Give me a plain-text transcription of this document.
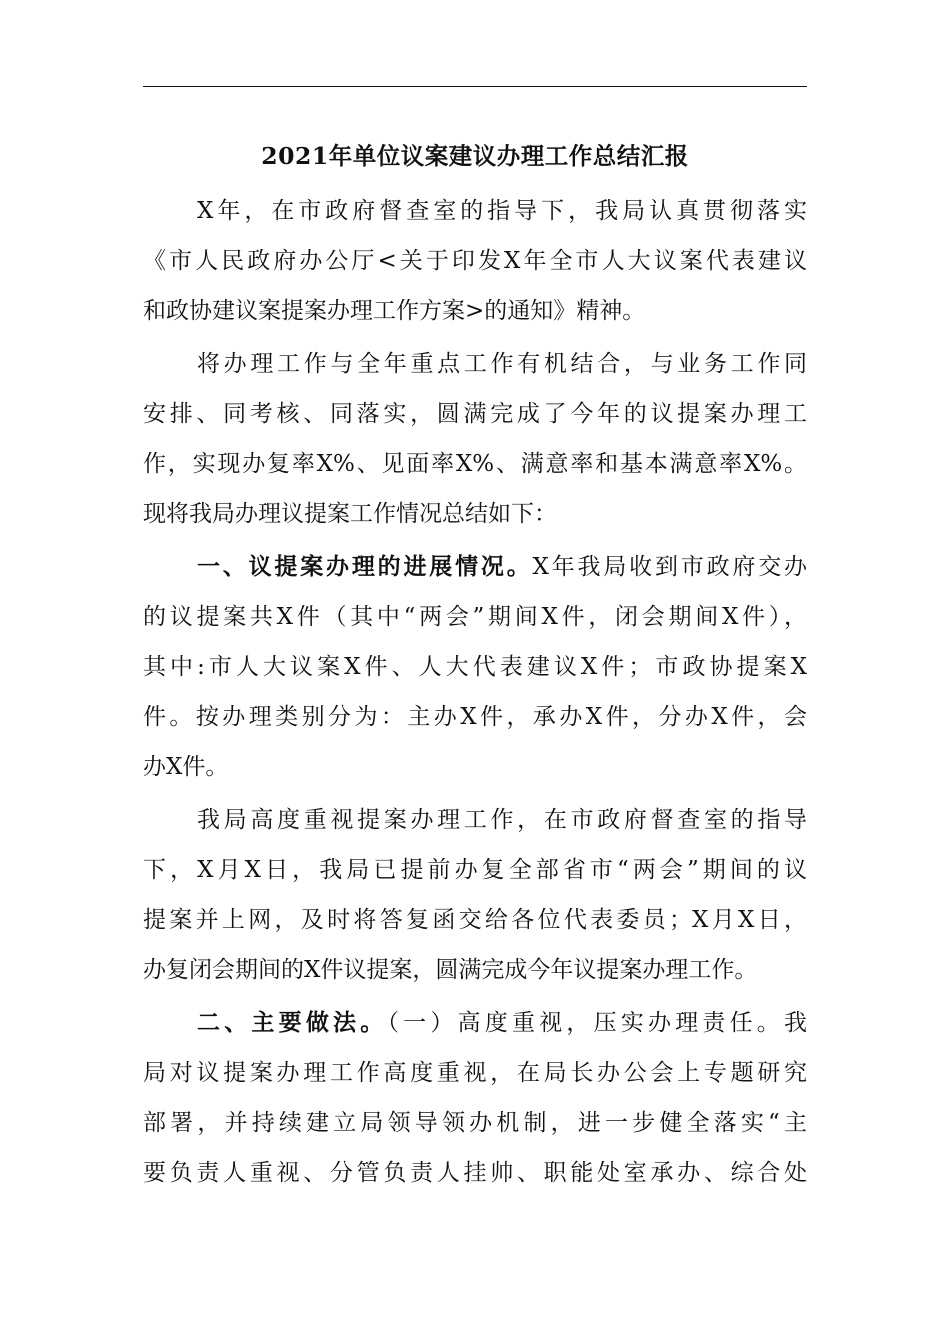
2021年单位议案建议办理工作总结汇报
X年，在市政府督查室的指导下，我局认真贯彻落实
《市人民政府办公厅<关于印发X年全市人大议案代表建议
和政协建议案提案办理工作方案>的通知》精神。
将办理工作与全年重点工作有机结合，与业务工作同
安排、同考核、同落实，圆满完成了今年的议提案办理工
作，实现办复率X%、见面率X%、满意率和基本满意率X%。
现将我局办理议提案工作情况总结如下：
一、议提案办理的进展情况。X年我局收到市政府交办
的议提案共X件（其中“两会”期间X件，闭会期间X件），
其中:市人大议案X件、人大代表建议X件；市政协提案X
件。按办理类别分为：主办X件，承办X件，分办X件，会
办X件。
我局高度重视提案办理工作，在市政府督查室的指导
下，X月X日，我局已提前办复全部省市“两会”期间的议
提案并上网，及时将答复函交给各位代表委员；X月X日，
办复闭会期间的X件议提案，圆满完成今年议提案办理工作。
二、主要做法。（一）高度重视，压实办理责任。我
局对议提案办理工作高度重视，在局长办公会上专题研究
部署，并持续建立局领导领办机制，进一步健全落实“主
要负责人重视、分管负责人挂帅、职能处室承办、综合处
